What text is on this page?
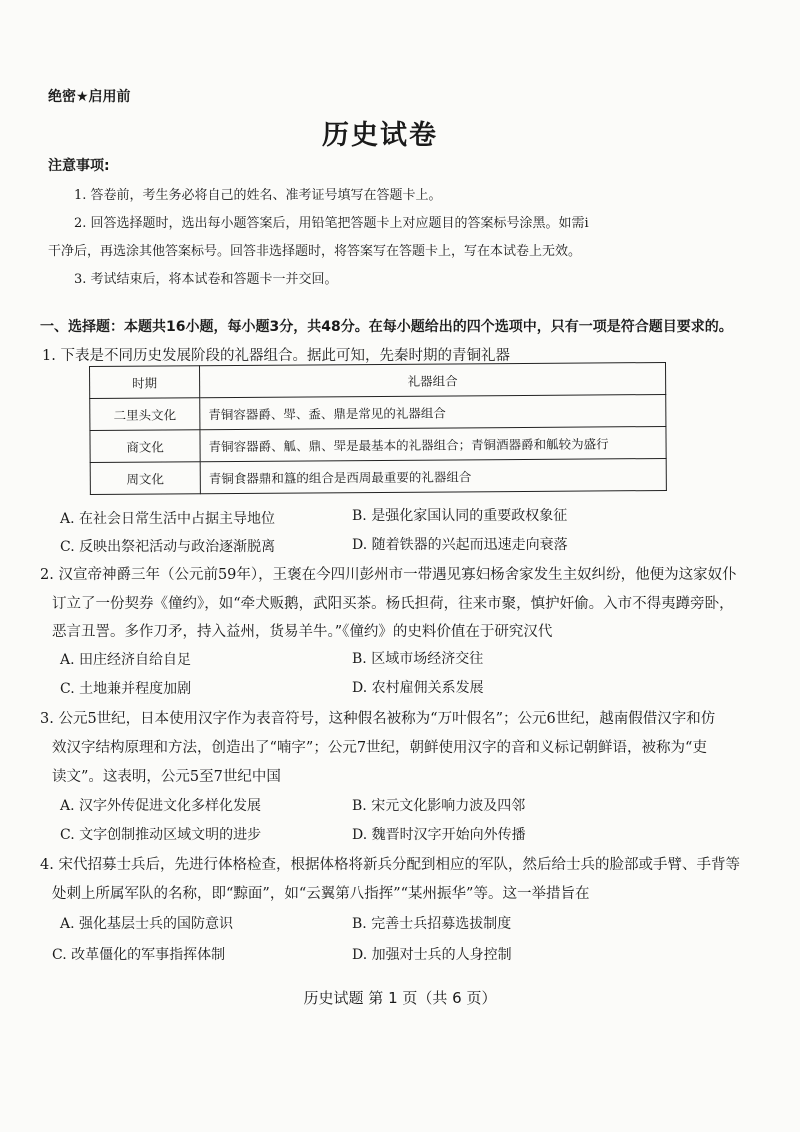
绝密★启用前
历史试卷
注意事项:
1. 答卷前，考生务必将自己的姓名、准考证号填写在答题卡上。
2. 回答选择题时，选出每小题答案后，用铅笔把答题卡上对应题目的答案标号涂黑。如需i
干净后，再选涂其他答案标号。回答非选择题时，将答案写在答题卡上，写在本试卷上无效。
3. 考试结束后，将本试卷和答题卡一并交回。
一、选择题：本题共16小题，每小题3分，共48分。在每小题给出的四个选项中，只有一项是符合题目要求的。
1. 下表是不同历史发展阶段的礼器组合。据此可知，先秦时期的青铜礼器
时期	礼器组合
二里头文化	青铜容器爵、斝、盉、鼎是常见的礼器组合
商文化	青铜容器爵、觚、鼎、斝是最基本的礼器组合；青铜酒器爵和觚较为盛行
周文化	青铜食器鼎和簋的组合是西周最重要的礼器组合
A. 在社会日常生活中占据主导地位	B. 是强化家国认同的重要政权象征
C. 反映出祭祀活动与政治逐渐脱离	D. 随着铁器的兴起而迅速走向衰落
2. 汉宣帝神爵三年（公元前59年），王褒在今四川彭州市一带遇见寡妇杨舍家发生主奴纠纷，他便为这家奴仆
订立了一份契券《僮约》，如“牵犬贩鹅，武阳买茶。杨氏担荷，往来市聚，慎护奸偷。入市不得夷蹲旁卧，
恶言丑詈。多作刀矛，持入益州，货易羊牛。”《僮约》的史料价值在于研究汉代
A. 田庄经济自给自足	B. 区域市场经济交往
C. 土地兼并程度加剧	D. 农村雇佣关系发展
3. 公元5世纪，日本使用汉字作为表音符号，这种假名被称为“万叶假名”；公元6世纪，越南假借汉字和仿
效汉字结构原理和方法，创造出了“喃字”；公元7世纪，朝鲜使用汉字的音和义标记朝鲜语，被称为“吏
读文”。这表明，公元5至7世纪中国
A. 汉字外传促进文化多样化发展	B. 宋元文化影响力波及四邻
C. 文字创制推动区域文明的进步	D. 魏晋时汉字开始向外传播
4. 宋代招募士兵后，先进行体格检查，根据体格将新兵分配到相应的军队，然后给士兵的脸部或手臂、手背等
处刺上所属军队的名称，即“黥面”，如“云翼第八指挥”“某州振华”等。这一举措旨在
A. 强化基层士兵的国防意识	B. 完善士兵招募选拔制度
C. 改革僵化的军事指挥体制	D. 加强对士兵的人身控制
历史试题 第 1 页（共 6 页）
